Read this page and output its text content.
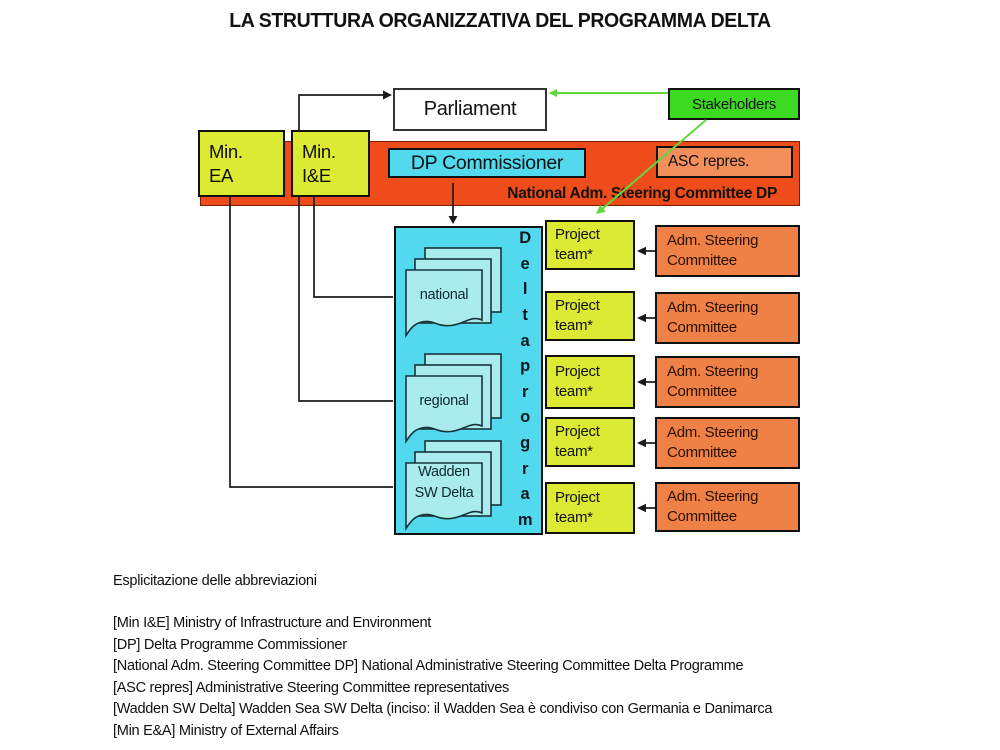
LA STRUTTURA ORGANIZZATIVA DEL PROGRAMMA DELTA
National Adm. Steering Committee DP
Parliament	Stakeholders
Min.
EA
Min.
I&E
DP Commissioner	ASC repres.
D
e
l
t
a
p
r
o
g
r
a
m
national
regional
Wadden
SW Delta
Project
team*
Project
team*
Project
team*
Project
team*
Project
team*
Adm. Steering
Committee
Adm. Steering
Committee
Adm. Steering
Committee
Adm. Steering
Committee
Adm. Steering
Committee
Esplicitazione delle abbreviazioni
[Min I&E] Ministry of Infrastructure and Environment
[DP] Delta Programme Commissioner
[National Adm. Steering Committee DP] National Administrative Steering Committee Delta Programme
[ASC repres] Administrative Steering Committee representatives
[Wadden SW Delta] Wadden Sea SW Delta (inciso: il Wadden Sea è condiviso con Germania e Danimarca
[Min E&A] Ministry of External Affairs
